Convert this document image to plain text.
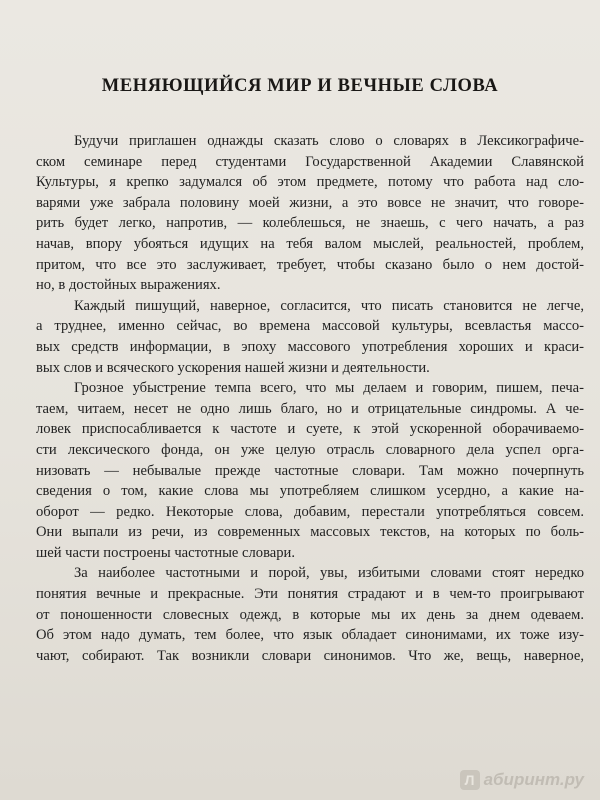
МЕНЯЮЩИЙСЯ МИР И ВЕЧНЫЕ СЛОВА
Будучи приглашен однажды сказать слово о словарях в Лексикографиче-
ском семинаре перед студентами Государственной Академии Славянской
Культуры, я крепко задумался об этом предмете, потому что работа над сло-
варями уже забрала половину моей жизни, а это вовсе не значит, что говоре-
рить будет легко, напротив, — колеблешься, не знаешь, с чего начать, а раз
начав, впору убояться идущих на тебя валом мыслей, реальностей, проблем,
притом, что все это заслуживает, требует, чтобы сказано было о нем достой-
но, в достойных выражениях.
Каждый пишущий, наверное, согласится, что писать становится не легче,
а труднее, именно сейчас, во времена массовой культуры, всевластья массо-
вых средств информации, в эпоху массового употребления хороших и краси-
вых слов и всяческого ускорения нашей жизни и деятельности.
Грозное убыстрение темпа всего, что мы делаем и говорим, пишем, печа-
таем, читаем, несет не одно лишь благо, но и отрицательные синдромы. А че-
ловек приспосабливается к частоте и суете, к этой ускоренной оборачиваемо-
сти лексического фонда, он уже целую отрасль словарного дела успел орга-
низовать — небывалые прежде частотные словари. Там можно почерпнуть
сведения о том, какие слова мы употребляем слишком усердно, а какие на-
оборот — редко. Некоторые слова, добавим, перестали употребляться совсем.
Они выпали из речи, из современных массовых текстов, на которых по боль-
шей части построены частотные словари.
За наиболее частотными и порой, увы, избитыми словами стоят нередко
понятия вечные и прекрасные. Эти понятия страдают и в чем-то проигрывают
от поношенности словесных одежд, в которые мы их день за днем одеваем.
Об этом надо думать, тем более, что язык обладает синонимами, их тоже изу-
чают, собирают. Так возникли словари синонимов. Что же, вещь, наверное,
Л абиринт.ру
